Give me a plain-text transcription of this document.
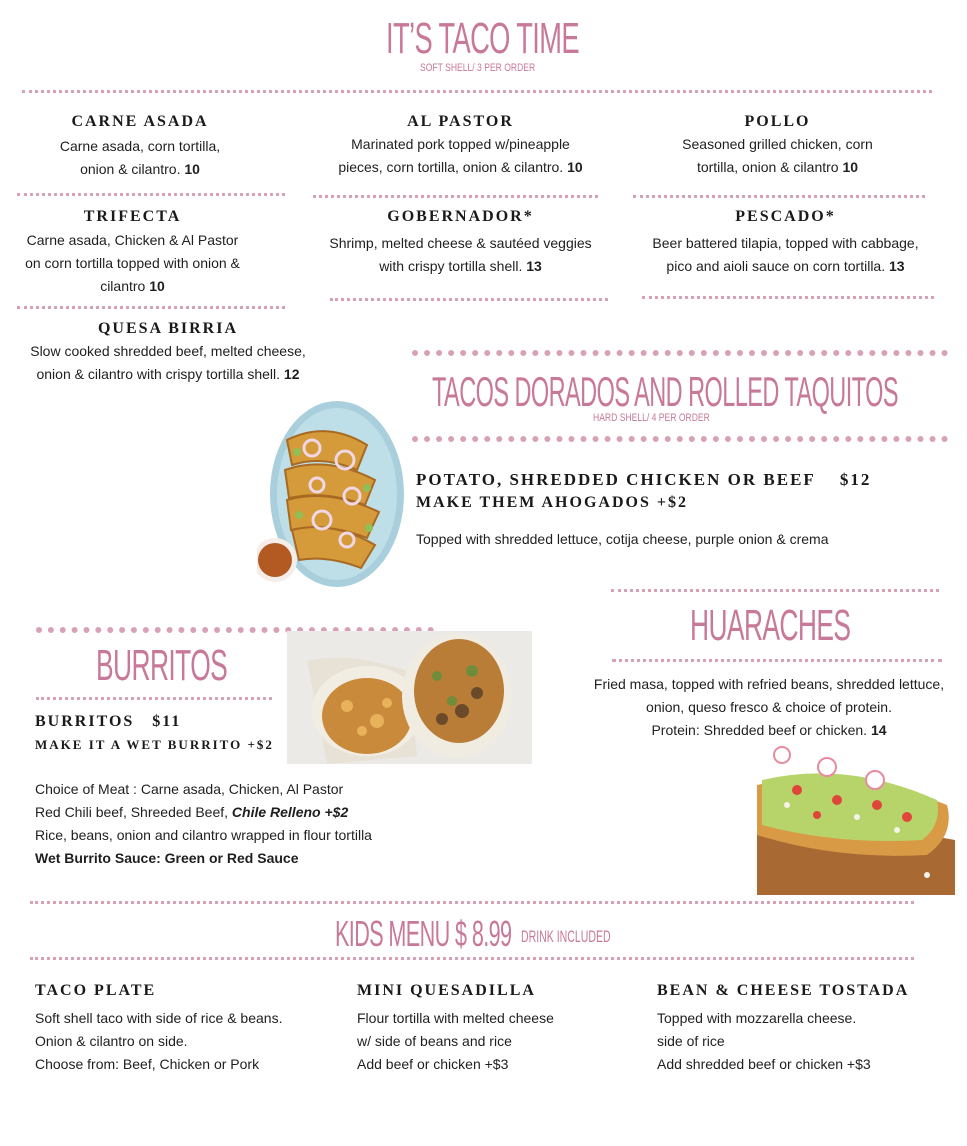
IT’S TACO TIME
SOFT SHELL/ 3 PER ORDER
CARNE ASADA
Carne asada, corn tortilla,
onion & cilantro. 10
AL PASTOR
Marinated pork topped w/pineapple
pieces, corn tortilla, onion & cilantro. 10
POLLO
Seasoned grilled chicken, corn
tortilla, onion & cilantro 10
TRIFECTA
Carne asada, Chicken & Al Pastor
on corn tortilla topped with onion &
cilantro 10
GOBERNADOR*
Shrimp, melted cheese & sautéed veggies
with crispy tortilla shell. 13
PESCADO*
Beer battered tilapia, topped with cabbage,
pico and aioli sauce on corn tortilla. 13
QUESA BIRRIA
Slow cooked shredded beef, melted cheese,
onion & cilantro with crispy tortilla shell. 12	TACOS DORADOS AND ROLLED TAQUITOS
HARD SHELL/ 4 PER ORDER
POTATO, SHREDDED CHICKEN OR BEEF $12
MAKE THEM AHOGADOS +$2
Topped with shredded lettuce, cotija cheese, purple onion & crema
BURRITOS
BURRITOS $11
MAKE IT A WET BURRITO +$2
Choice of Meat : Carne asada, Chicken, Al Pastor
Red Chili beef, Shreeded Beef, Chile Relleno +$2
Rice, beans, onion and cilantro wrapped in flour tortilla
Wet Burrito Sauce: Green or Red Sauce
HUARACHES
Fried masa, topped with refried beans, shredded lettuce,
onion, queso fresco & choice of protein.
Protein: Shredded beef or chicken. 14
KIDS MENU $ 8.99 DRINK INCLUDED
TACO PLATE
Soft shell taco with side of rice & beans.
Onion & cilantro on side.
Choose from: Beef, Chicken or Pork
MINI QUESADILLA
Flour tortilla with melted cheese
w/ side of beans and rice
Add beef or chicken +$3
BEAN & CHEESE TOSTADA
Topped with mozzarella cheese.
side of rice
Add shredded beef or chicken +$3
